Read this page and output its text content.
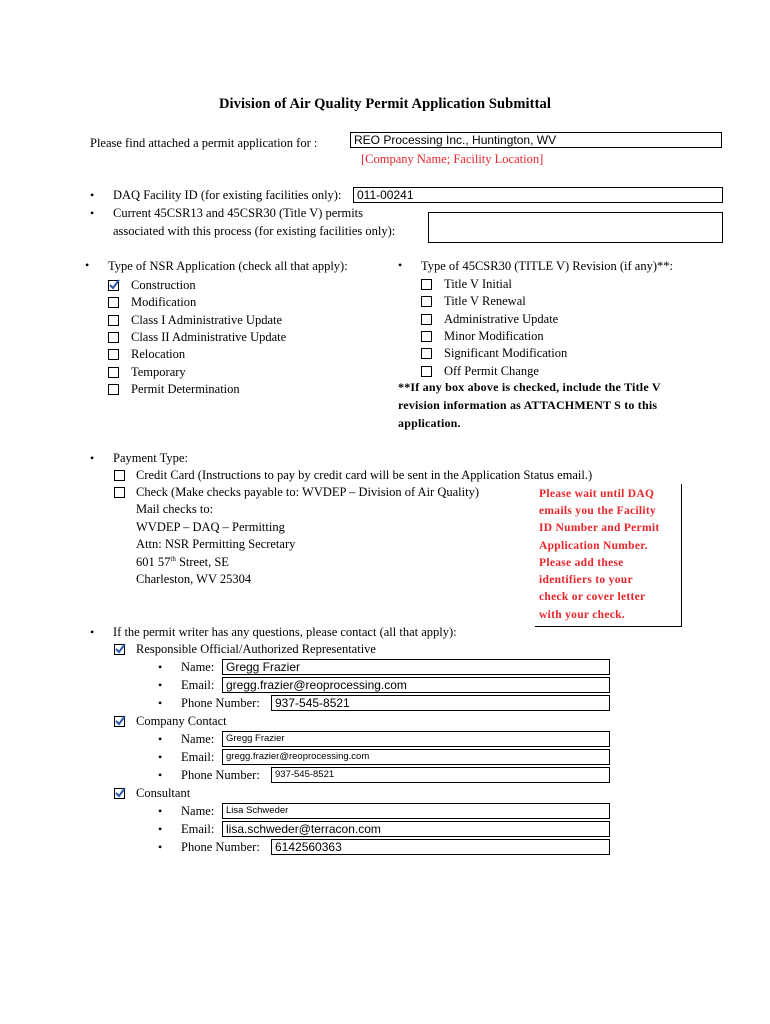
Division of Air Quality Permit Application Submittal
Please find attached a permit application for :	REO Processing Inc., Huntington, WV
[Company Name; Facility Location]
• DAQ Facility ID (for existing facilities only):	011-00241
• Current 45CSR13 and 45CSR30 (Title V) permits
associated with this process (for existing facilities only):
• Type of NSR Application (check all that apply):
Construction
Modification
Class I Administrative Update
Class II Administrative Update
Relocation
Temporary
Permit Determination
• Type of 45CSR30 (TITLE V) Revision (if any)**:
Title V Initial
Title V Renewal
Administrative Update
Minor Modification
Significant Modification
Off Permit Change
**If any box above is checked, include the Title V
revision information as ATTACHMENT S to this
application.
• Payment Type:
Credit Card (Instructions to pay by credit card will be sent in the Application Status email.)
Check (Make checks payable to: WVDEP – Division of Air Quality)
Mail checks to:
WVDEP – DAQ – Permitting
Attn: NSR Permitting Secretary
601 57th Street, SE
Charleston, WV 25304
Please wait until DAQ
emails you the Facility
ID Number and Permit
Application Number.
Please add these
identifiers to your
check or cover letter
with your check.
• If the permit writer has any questions, please contact (all that apply):
Responsible Official/Authorized Representative
• Name: Gregg Frazier
• Email: gregg.frazier@reoprocessing.com
• Phone Number:	937-545-8521
Company Contact
• Name:	Gregg Frazier
• Email:	gregg.frazier@reoprocessing.com
• Phone Number:	937-545-8521
Consultant
• Name:	Lisa Schweder
• Email: lisa.schweder@terracon.com
• Phone Number:	6142560363
